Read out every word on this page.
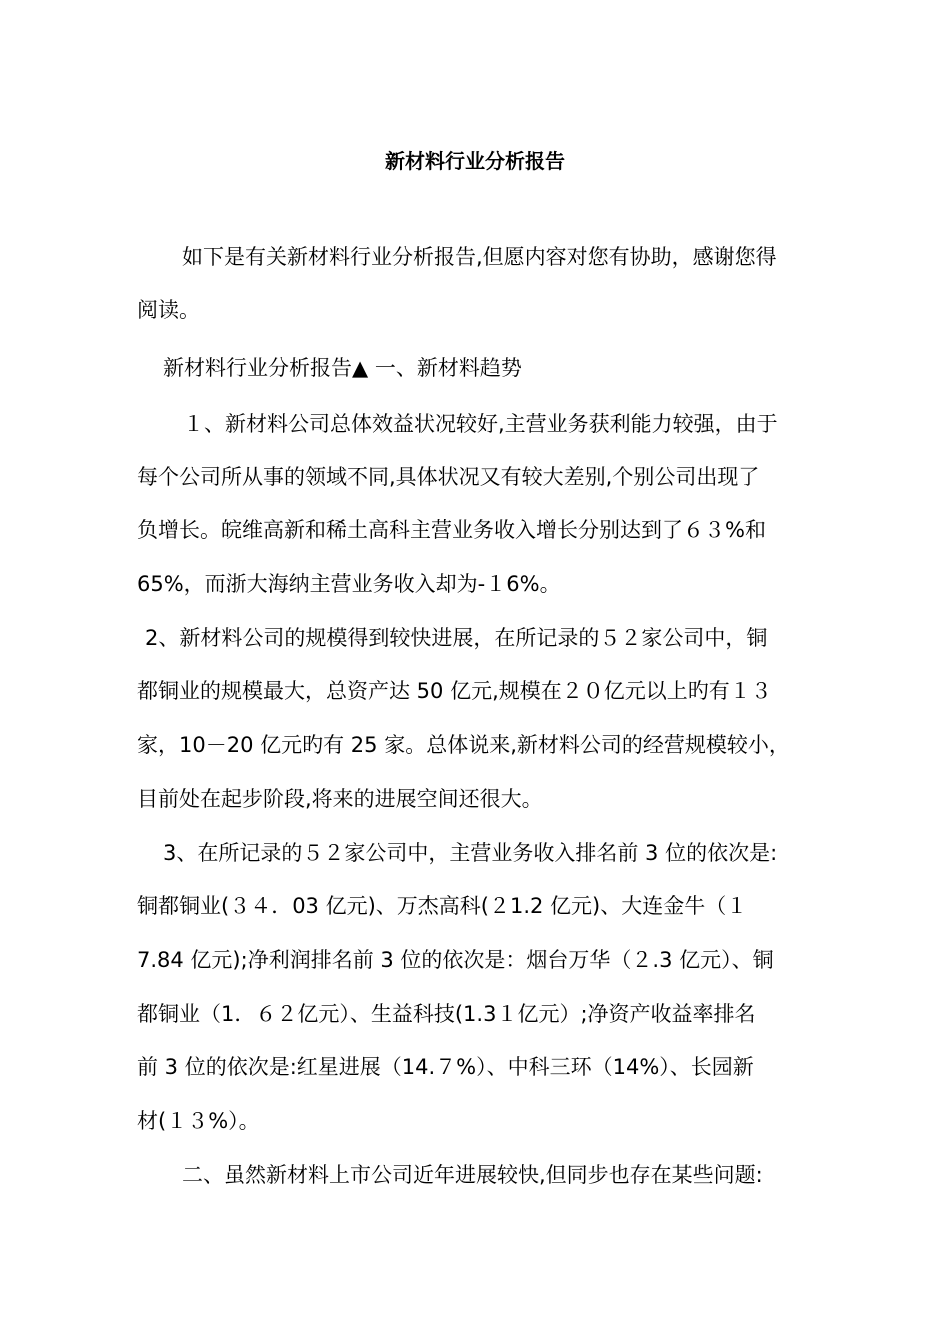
新材料行业分析报告
如下是有关新材料行业分析报告,但愿内容对您有协助，感谢您得
阅读。
新材料行业分析报告▲ 一、新材料趋势
１、新材料公司总体效益状况较好,主营业务获利能力较强，由于
每个公司所从事的领域不同,具体状况又有较大差别,个别公司出现了
负增长。皖维高新和稀土高科主营业务收入增长分别达到了６３%和
65%，而浙大海纳主营业务收入却为-１6%。
2、新材料公司的规模得到较快进展，在所记录的５２家公司中，铜
都铜业的规模最大，总资产达 50 亿元,规模在２０亿元以上旳有１３
家，10－20 亿元旳有 25 家。总体说来,新材料公司的经营规模较小，
目前处在起步阶段,将来的进展空间还很大。
3、在所记录的５２家公司中，主营业务收入排名前 3 位的依次是:
铜都铜业(３４．03 亿元)、万杰高科(２1.2 亿元)、大连金牛（１
7.84 亿元);净利润排名前 3 位的依次是：烟台万华（２.3 亿元）、铜
都铜业（1．６２亿元）、生益科技(1.3１亿元）;净资产收益率排名
前 3 位的依次是:红星进展（14.７%）、中科三环（14%）、长园新
材(１３%）。
二、虽然新材料上市公司近年进展较快,但同步也存在某些问题:
